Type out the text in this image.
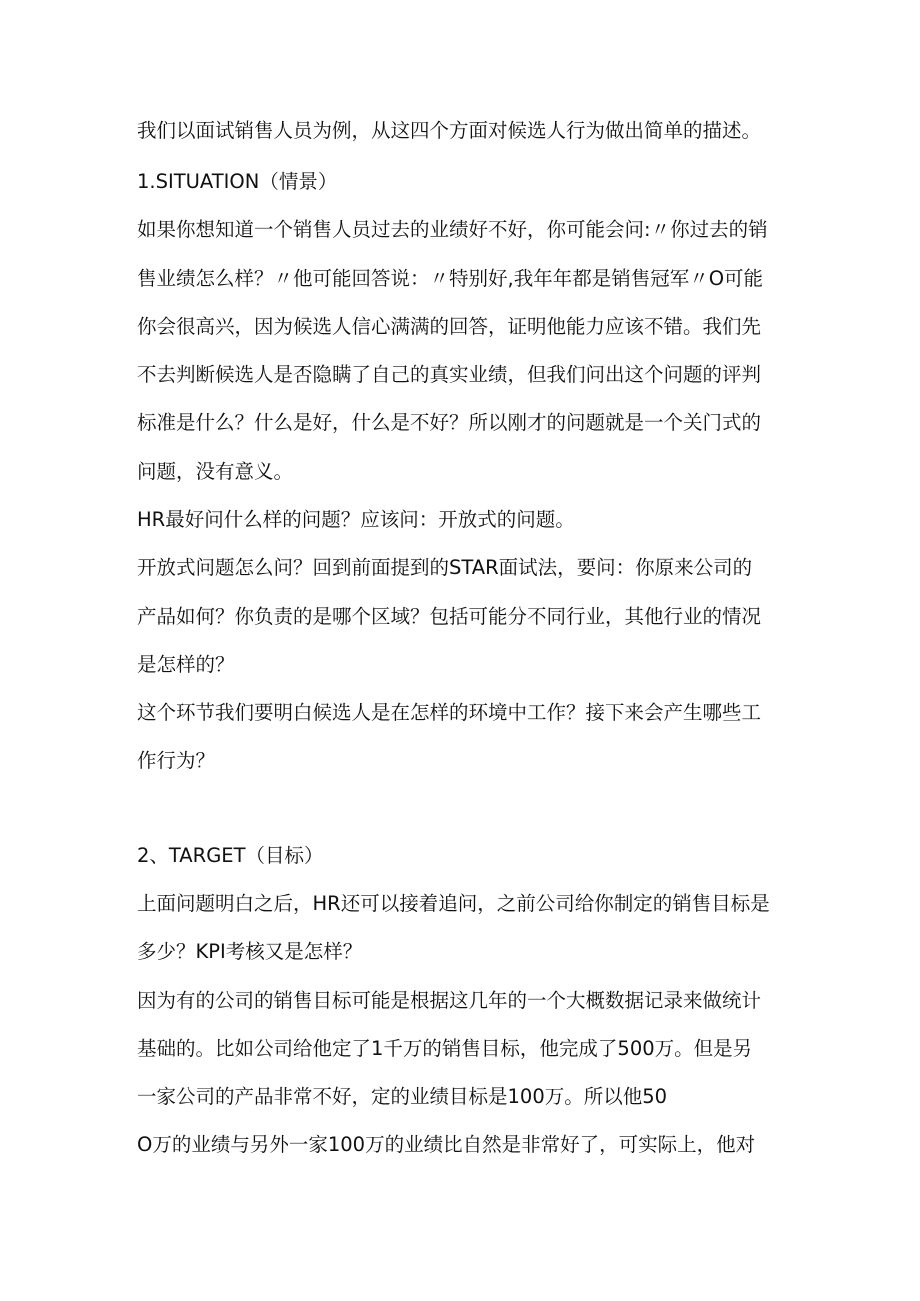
我们以面试销售人员为例，从这四个方面对候选人行为做出简单的描述。
1.SITUATION（情景）
如果你想知道一个销售人员过去的业绩好不好，你可能会问:〃你过去的销
售业绩怎么样？〃他可能回答说：〃特别好,我年年都是销售冠军〃O可能
你会很高兴，因为候选人信心满满的回答，证明他能力应该不错。我们先
不去判断候选人是否隐瞒了自己的真实业绩，但我们问出这个问题的评判
标准是什么？什么是好，什么是不好？所以刚才的问题就是一个关门式的
问题，没有意义。
HR最好问什么样的问题？应该问：开放式的问题。
开放式问题怎么问？回到前面提到的STAR面试法，要问：你原来公司的
产品如何？你负责的是哪个区域？包括可能分不同行业，其他行业的情况
是怎样的？
这个环节我们要明白候选人是在怎样的环境中工作？接下来会产生哪些工
作行为？
2、TARGET（目标）
上面问题明白之后，HR还可以接着追问，之前公司给你制定的销售目标是
多少？KPI考核又是怎样？
因为有的公司的销售目标可能是根据这几年的一个大概数据记录来做统计
基础的。比如公司给他定了1千万的销售目标，他完成了500万。但是另
一家公司的产品非常不好，定的业绩目标是100万。所以他50
O万的业绩与另外一家100万的业绩比自然是非常好了，可实际上，他对
